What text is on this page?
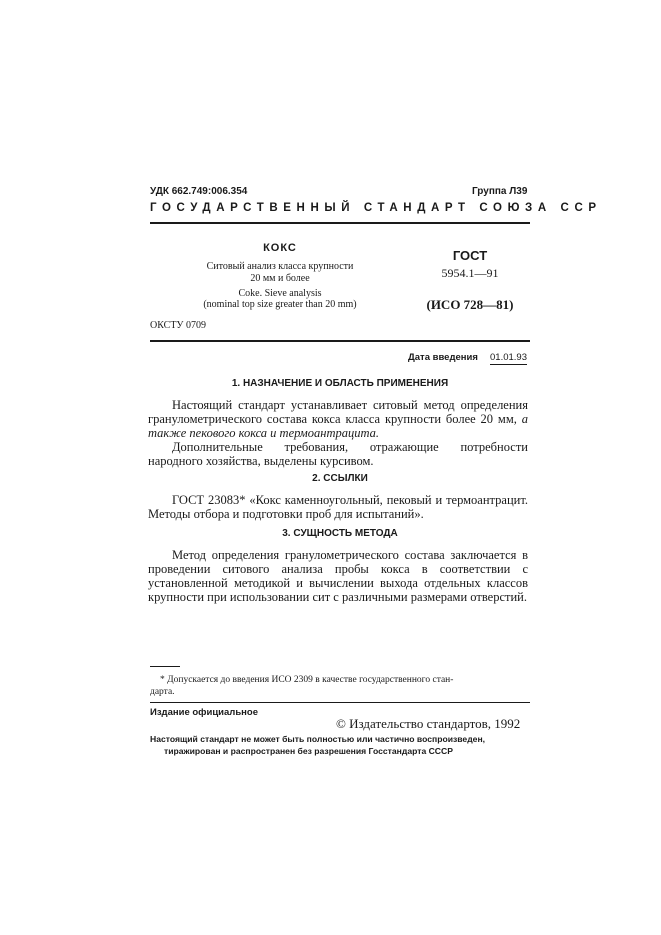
УДК 662.749:006.354	Группа Л39
ГОСУДАРСТВЕННЫЙ СТАНДАРТ СОЮЗА ССР
КОКС
Ситовый анализ класса крупности
20 мм и более
Coke. Sieve analysis
(nominal top size greater than 20 mm)
ГОСТ
5954.1—91
(ИСО 728—81)
ОКСТУ 0709
Дата введения 01.01.93
1. НАЗНАЧЕНИЕ И ОБЛАСТЬ ПРИМЕНЕНИЯ
Настоящий стандарт устанавливает ситовый метод определения гранулометрического состава кокса класса крупности более 20 мм, а также пекового кокса и термоантрацита.
Дополнительные требования, отражающие потребности народного хозяйства, выделены курсивом.
2. ССЫЛКИ
ГОСТ 23083* «Кокс каменноугольный, пековый и термоантрацит. Методы отбора и подготовки проб для испытаний».
3. СУЩНОСТЬ МЕТОДА
Метод определения гранулометрического состава заключается в проведении ситового анализа пробы кокса в соответствии с установленной методикой и вычислении выхода отдельных классов крупности при использовании сит с различными размерами отверстий.
* Допускается до введения ИСО 2309 в качестве государственного стан-
дарта.
Издание официальное
© Издательство стандартов, 1992
Настоящий стандарт не может быть полностью или частично воспроизведен,
тиражирован и распространен без разрешения Госстандарта СССР
